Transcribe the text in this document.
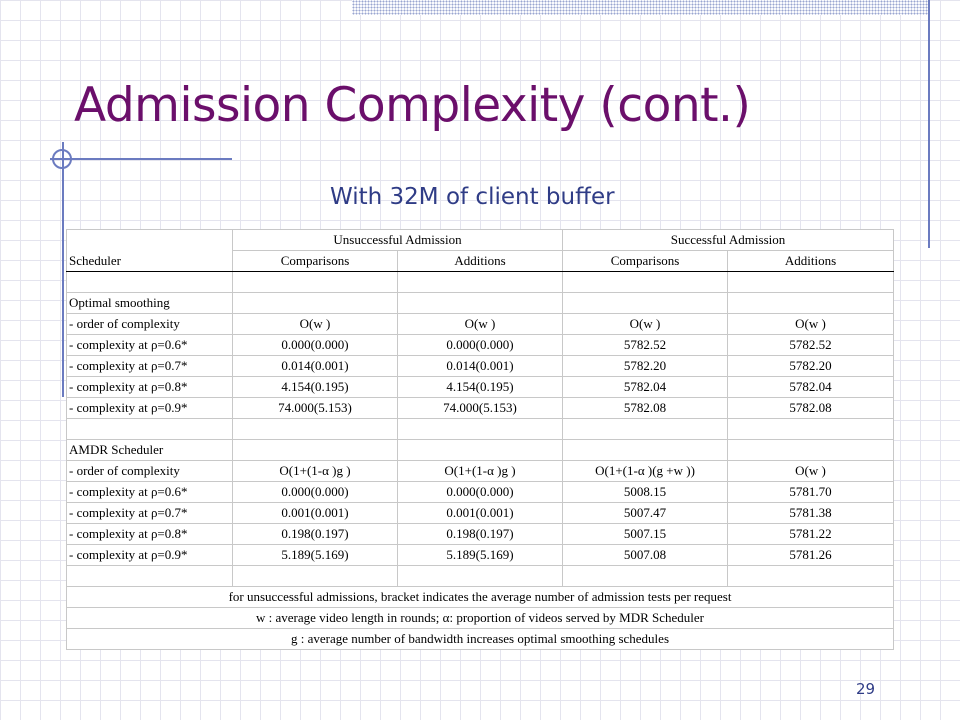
Admission Complexity (cont.)
With 32M of client buffer
	Unsuccessful Admission		Successful Admission	
Scheduler	Comparisons	Additions	Comparisons	Additions

Optimal smoothing				
- order of complexity	O(w )	O(w )	O(w )	O(w )
- complexity at ρ=0.6*	0.000(0.000)	0.000(0.000)	5782.52	5782.52
- complexity at ρ=0.7*	0.014(0.001)	0.014(0.001)	5782.20	5782.20
- complexity at ρ=0.8*	4.154(0.195)	4.154(0.195)	5782.04	5782.04
- complexity at ρ=0.9*	74.000(5.153)	74.000(5.153)	5782.08	5782.08

AMDR Scheduler				
- order of complexity	O(1+(1-α )g )	O(1+(1-α )g )	O(1+(1-α )(g +w ))	O(w )
- complexity at ρ=0.6*	0.000(0.000)	0.000(0.000)	5008.15	5781.70
- complexity at ρ=0.7*	0.001(0.001)	0.001(0.001)	5007.47	5781.38
- complexity at ρ=0.8*	0.198(0.197)	0.198(0.197)	5007.15	5781.22
- complexity at ρ=0.9*	5.189(5.169)	5.189(5.169)	5007.08	5781.26

for unsuccessful admissions, bracket indicates the average number of admission tests per request				
w : average video length in rounds; α: proportion of videos served by MDR Scheduler				
g : average number of bandwidth increases optimal smoothing schedules				
29
